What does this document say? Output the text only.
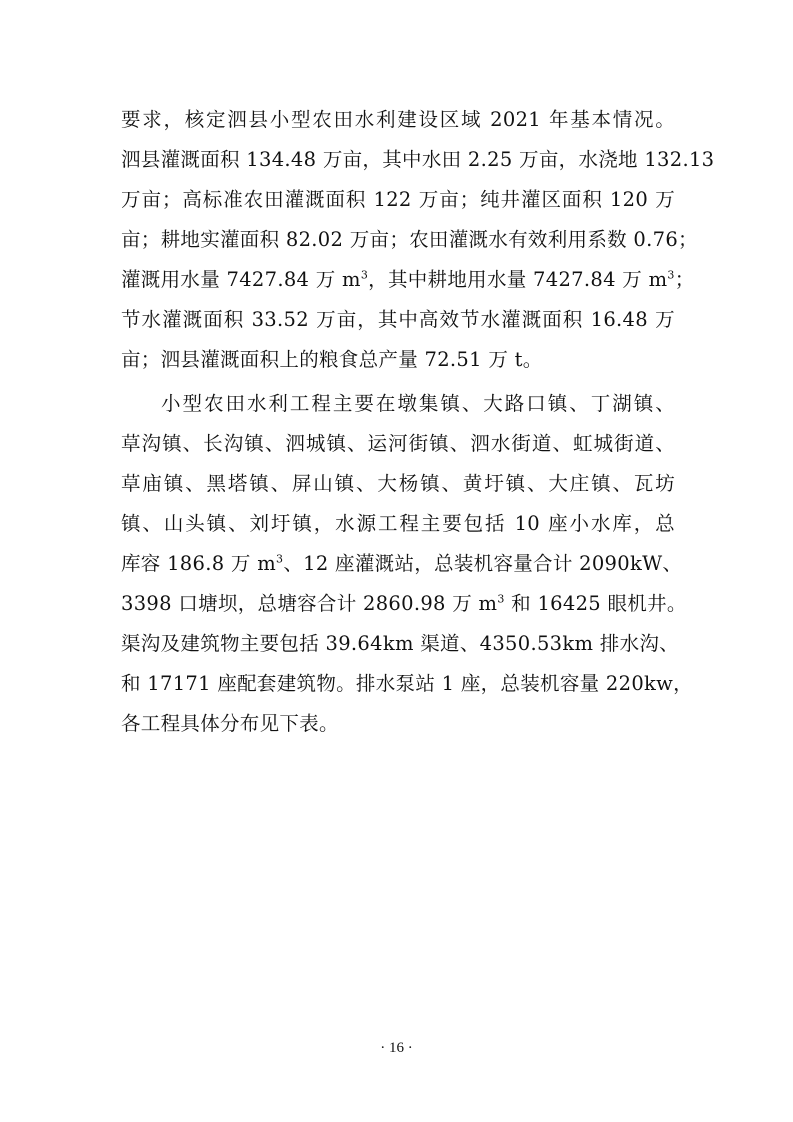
要求，核定泗县小型农田水利建设区域 2021 年基本情况。
泗县灌溉面积 134.48 万亩，其中水田 2.25 万亩，水浇地 132.13
万亩；高标准农田灌溉面积 122 万亩；纯井灌区面积 120 万
亩；耕地实灌面积 82.02 万亩；农田灌溉水有效利用系数 0.76；
灌溉用水量 7427.84 万 $m^3$，其中耕地用水量 7427.84 万 $m^3$；
节水灌溉面积 33.52 万亩，其中高效节水灌溉面积 16.48 万
亩；泗县灌溉面积上的粮食总产量 72.51 万 t。
小型农田水利工程主要在墩集镇、大路口镇、丁湖镇、
草沟镇、长沟镇、泗城镇、运河街镇、泗水街道、虹城街道、
草庙镇、黑塔镇、屏山镇、大杨镇、黄圩镇、大庄镇、瓦坊
镇、山头镇、刘圩镇，水源工程主要包括 10 座小水库，总
库容 186.8 万 $m^3$、12 座灌溉站，总装机容量合计 2090kW、
3398 口塘坝，总塘容合计 2860.98 万 $m^3$ 和 16425 眼机井。
渠沟及建筑物主要包括 39.64km 渠道、4350.53km 排水沟、
和 17171 座配套建筑物。排水泵站 1 座，总装机容量 220kw，
各工程具体分布见下表。
· 16 ·
